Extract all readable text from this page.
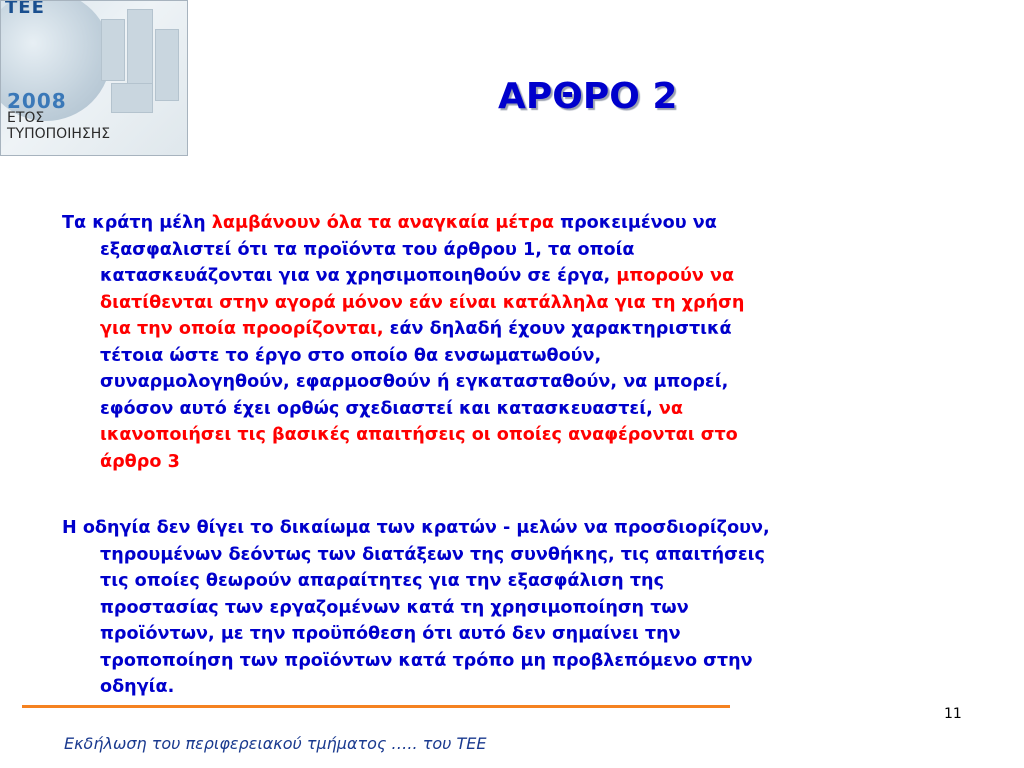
TEE
2008
ΕΤΟΣ
ΤΥΠΟΠΟΙΗΣΗΣ
ΑΡΘΡΟ 2
Τα κράτη μέλη λαμβάνουν όλα τα αναγκαία μέτρα προκειμένου να
εξασφαλιστεί ότι τα προϊόντα του άρθρου 1, τα οποία
κατασκευάζονται για να χρησιμοποιηθούν σε έργα, μπορούν να
διατίθενται στην αγορά μόνον εάν είναι κατάλληλα για τη χρήση
για την οποία προορίζονται, εάν δηλαδή έχουν χαρακτηριστικά
τέτοια ώστε το έργο στο οποίο θα ενσωματωθούν,
συναρμολογηθούν, εφαρμοσθούν ή εγκατασταθούν, να μπορεί,
εφόσον αυτό έχει ορθώς σχεδιαστεί και κατασκευαστεί, να
ικανοποιήσει τις βασικές απαιτήσεις οι οποίες αναφέρονται στο
άρθρο 3
Η οδηγία δεν θίγει το δικαίωμα των κρατών - μελών να προσδιορίζουν,
τηρουμένων δεόντως των διατάξεων της συνθήκης, τις απαιτήσεις
τις οποίες θεωρούν απαραίτητες για την εξασφάλιση της
προστασίας των εργαζομένων κατά τη χρησιμοποίηση των
προϊόντων, με την προϋπόθεση ότι αυτό δεν σημαίνει την
τροποποίηση των προϊόντων κατά τρόπο μη προβλεπόμενο στην
οδηγία.
11
Εκδήλωση του περιφερειακού τμήματος ….. του ΤΕΕ
